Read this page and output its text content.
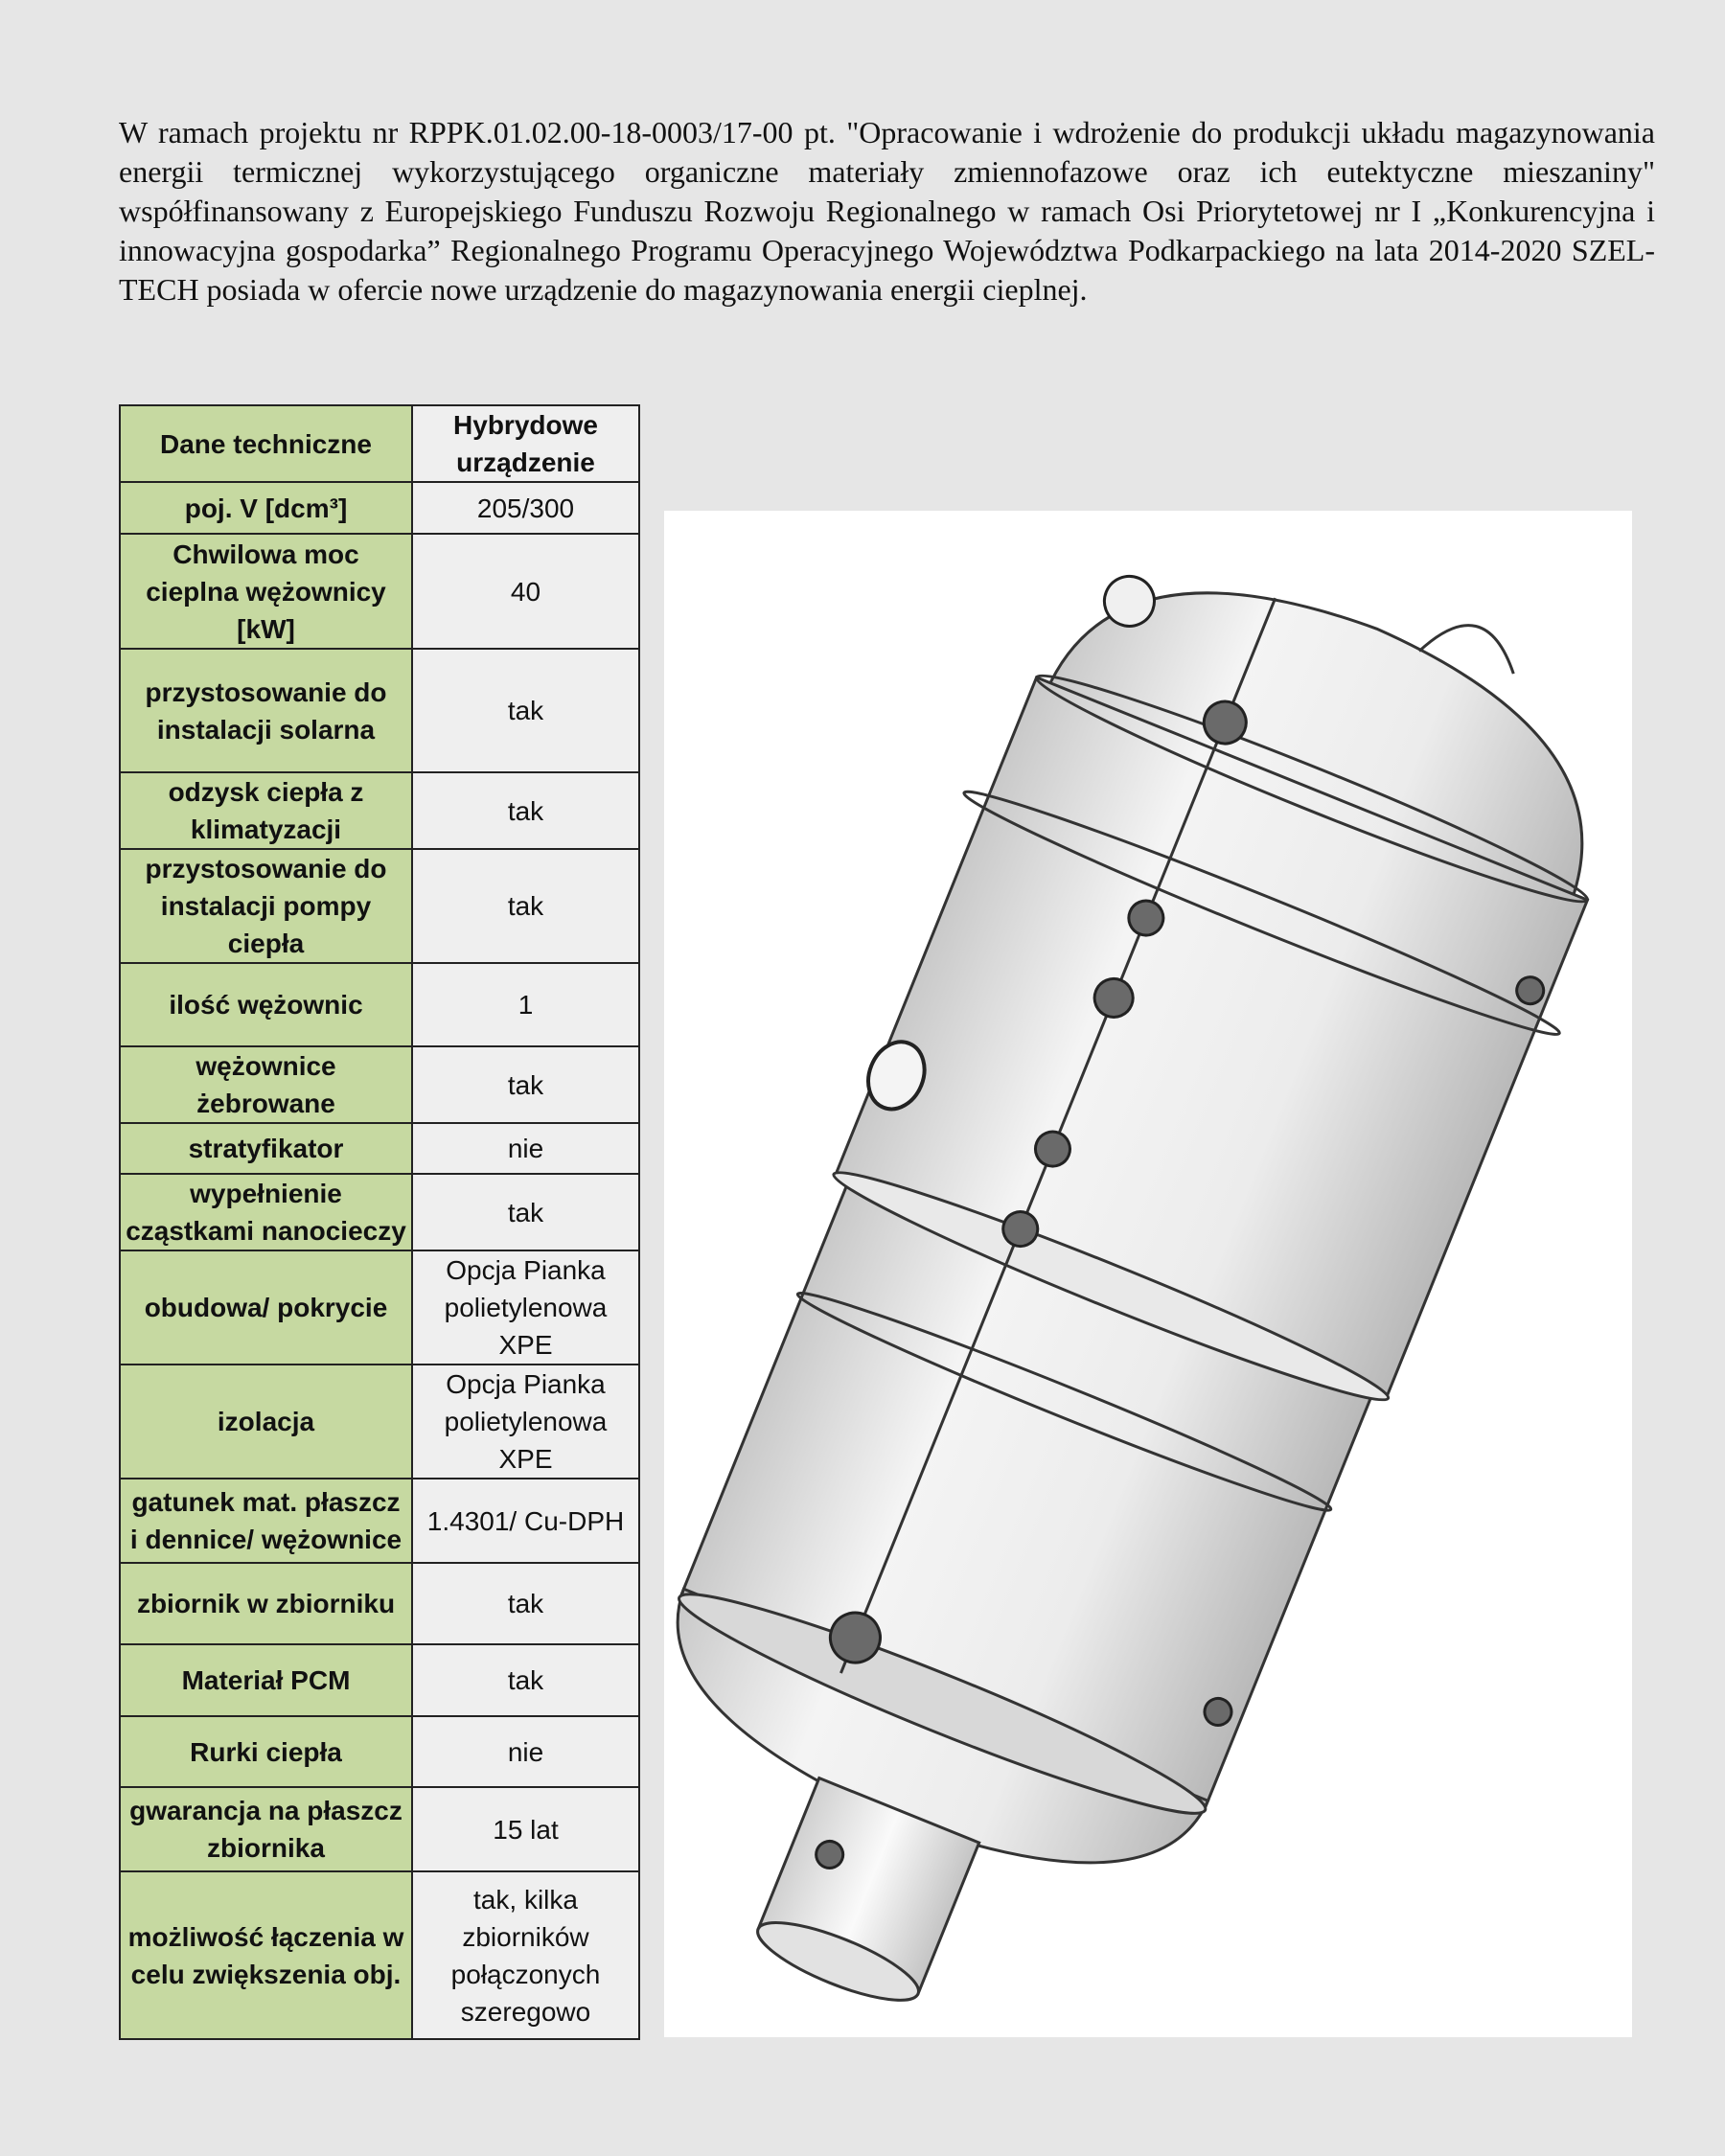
W ramach projektu nr RPPK.01.02.00-18-0003/17-00 pt. "Opracowanie i wdrożenie do produkcji układu magazynowania energii termicznej wykorzystującego organiczne materiały zmiennofazowe oraz ich eutektyczne mieszaniny" współfinansowany z Europejskiego Funduszu Rozwoju Regionalnego w ramach Osi Priorytetowej nr I „Konkurencyjna i innowacyjna gospodarka” Regionalnego Programu Operacyjnego Województwa Podkarpackiego na lata 2014-2020 SZEL-TECH posiada w ofercie nowe urządzenie do magazynowania energii cieplnej.

Dane techniczne	Hybrydowe urządzenie
poj. V [dcm³]	205/300
Chwilowa moc cieplna wężownicy [kW]	40
przystosowanie do instalacji solarna	tak
odzysk ciepła z klimatyzacji	tak
przystosowanie do instalacji pompy ciepła	tak
ilość wężownic	1
wężownice żebrowane	tak
stratyfikator	nie
wypełnienie cząstkami nanocieczy	tak
obudowa/ pokrycie	Opcja Pianka polietylenowa XPE
izolacja	Opcja Pianka polietylenowa XPE
gatunek mat. płaszcz i dennice/ wężownice	1.4301/ Cu-DPH
zbiornik w zbiorniku	tak
Materiał PCM	tak
Rurki ciepła	nie
gwarancja na płaszcz zbiornika	15 lat
możliwość łączenia w celu zwiększenia obj.	tak, kilka zbiorników połączonych szeregowo
